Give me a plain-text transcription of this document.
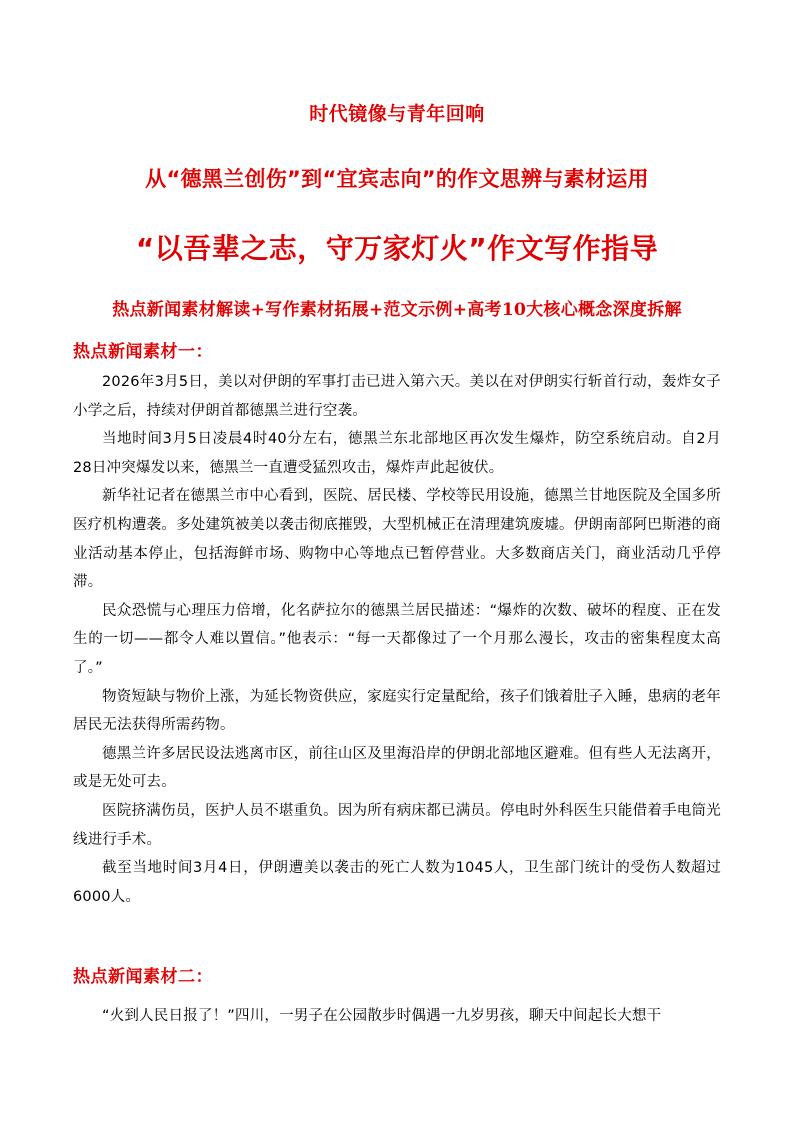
时代镜像与青年回响
从“德黑兰创伤”到“宜宾志向”的作文思辨与素材运用
“以吾辈之志，守万家灯火”作文写作指导
热点新闻素材解读+写作素材拓展+范文示例+高考10大核心概念深度拆解
热点新闻素材一：

2026年3月5日，美以对伊朗的军事打击已进入第六天。美以在对伊朗实行斩首行动，轰炸女子小学之后，持续对伊朗首都德黑兰进行空袭。

当地时间3月5日凌晨4时40分左右，德黑兰东北部地区再次发生爆炸，防空系统启动。自2月28日冲突爆发以来，德黑兰一直遭受猛烈攻击，爆炸声此起彼伏。

新华社记者在德黑兰市中心看到，医院、居民楼、学校等民用设施，德黑兰甘地医院及全国多所医疗机构遭袭。多处建筑被美以袭击彻底摧毁，大型机械正在清理建筑废墟。伊朗南部阿巴斯港的商业活动基本停止，包括海鲜市场、购物中心等地点已暂停营业。大多数商店关门，商业活动几乎停滞。

民众恐慌与心理压力倍增，化名萨拉尔的德黑兰居民描述：“爆炸的次数、破坏的程度、正在发生的一切——都令人难以置信。”他表示：“每一天都像过了一个月那么漫长，攻击的密集程度太高了。”

物资短缺与物价上涨，为延长物资供应，家庭实行定量配给，孩子们饿着肚子入睡，患病的老年居民无法获得所需药物。

德黑兰许多居民设法逃离市区，前往山区及里海沿岸的伊朗北部地区避难。但有些人无法离开，或是无处可去。

医院挤满伤员，医护人员不堪重负。因为所有病床都已满员。停电时外科医生只能借着手电筒光线进行手术。

截至当地时间3月4日，伊朗遭美以袭击的死亡人数为1045人，卫生部门统计的受伤人数超过6000人。

热点新闻素材二：

“火到人民日报了！”四川，一男子在公园散步时偶遇一九岁男孩，聊天中间起长大想干
